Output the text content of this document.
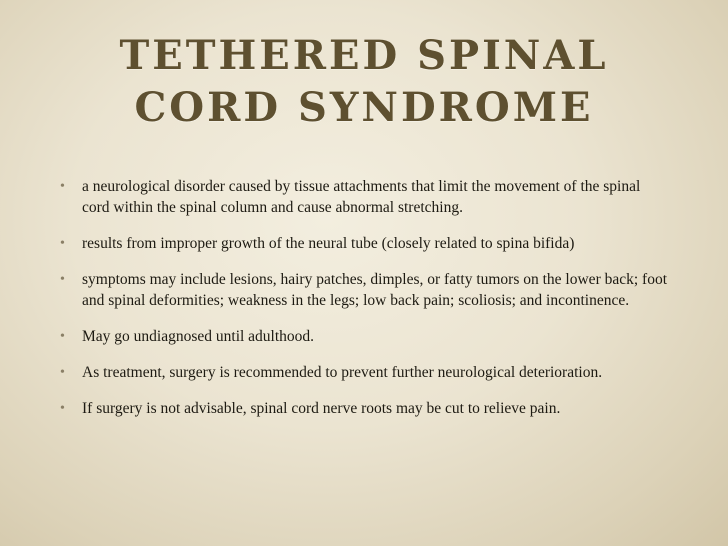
TETHERED SPINAL CORD SYNDROME
• a neurological disorder caused by tissue attachments that limit the movement of the spinal cord within the spinal column and cause abnormal stretching.
• results from improper growth of the neural tube (closely related to spina bifida)
• symptoms may include lesions, hairy patches, dimples, or fatty tumors on the lower back; foot and spinal deformities; weakness in the legs; low back pain; scoliosis; and incontinence.
• May go undiagnosed until adulthood.
• As treatment, surgery is recommended to prevent further neurological deterioration.
• If surgery is not advisable, spinal cord nerve roots may be cut to relieve pain.
